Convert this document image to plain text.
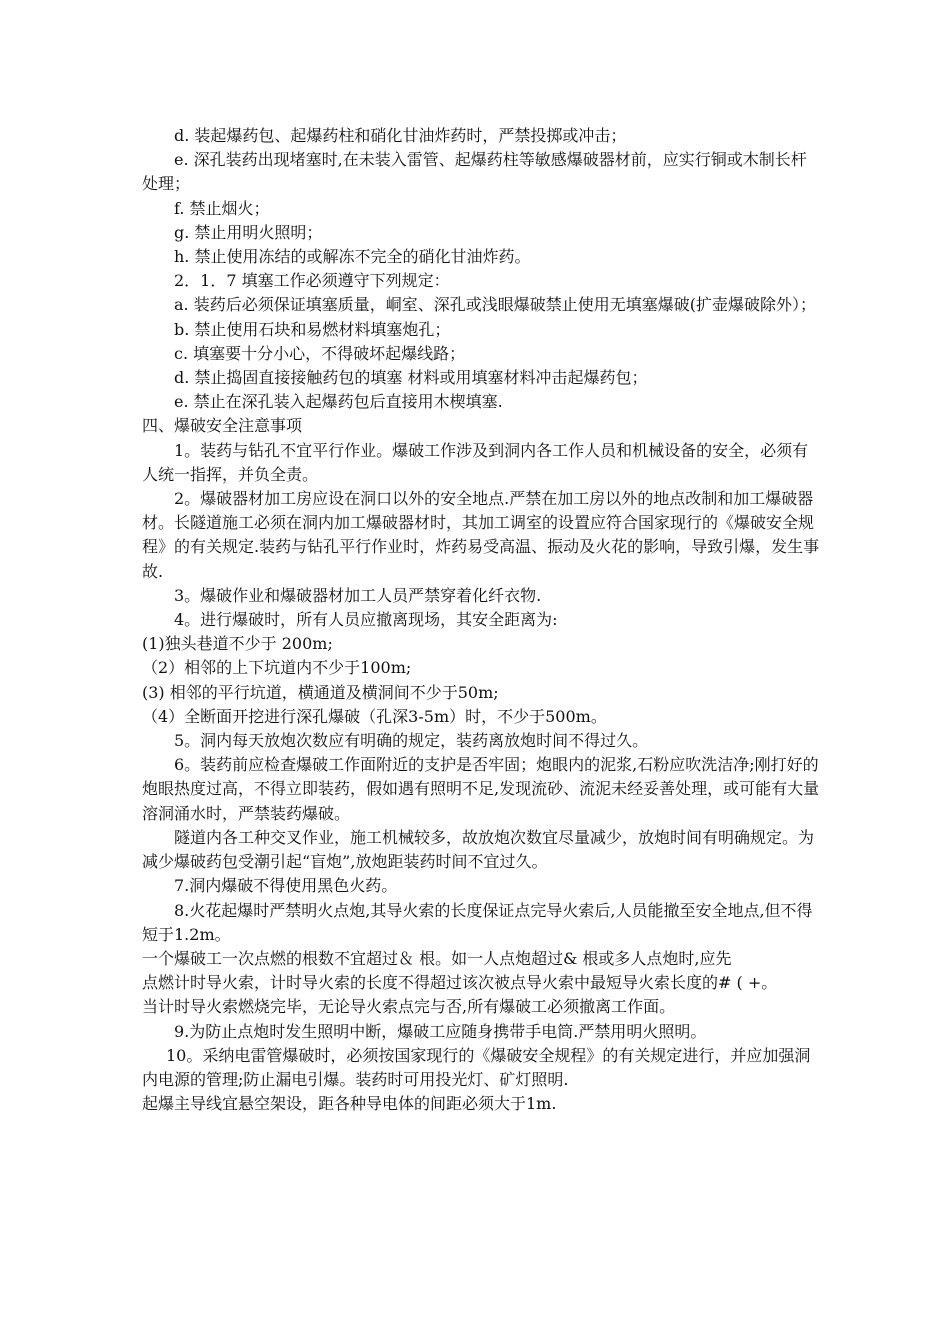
d. 装起爆药包、起爆药柱和硝化甘油炸药时，严禁投掷或冲击；

e. 深孔装药出现堵塞时,在未装入雷管、起爆药柱等敏感爆破器材前，应实行铜或木制长杆处理；

f. 禁止烟火；

g. 禁止用明火照明；

h. 禁止使用冻结的或解冻不完全的硝化甘油炸药。

2．1．7 填塞工作必须遵守下列规定：

a. 装药后必须保证填塞质量，峒室、深孔或浅眼爆破禁止使用无填塞爆破(扩壶爆破除外）；

b. 禁止使用石块和易燃材料填塞炮孔；

c. 填塞要十分小心，不得破坏起爆线路；

d. 禁止捣固直接接触药包的填塞 材料或用填塞材料冲击起爆药包；

e. 禁止在深孔装入起爆药包后直接用木楔填塞.

四、爆破安全注意事项

1。装药与钻孔不宜平行作业。爆破工作涉及到洞内各工作人员和机械设备的安全，必须有人统一指挥，并负全责。

2。爆破器材加工房应设在洞口以外的安全地点.严禁在加工房以外的地点改制和加工爆破器材。长隧道施工必须在洞内加工爆破器材时，其加工调室的设置应符合国家现行的《爆破安全规程》的有关规定.装药与钻孔平行作业时，炸药易受高温、振动及火花的影响，导致引爆，发生事故.

3。爆破作业和爆破器材加工人员严禁穿着化纤衣物.

4。进行爆破时，所有人员应撤离现场，其安全距离为:

(1)独头巷道不少于 200m;

（2）相邻的上下坑道内不少于100m;

(3) 相邻的平行坑道，横通道及横洞间不少于50m;

（4）全断面开挖进行深孔爆破（孔深3-5m）时，不少于500m。

5。洞内每天放炮次数应有明确的规定，装药离放炮时间不得过久。

6。装药前应检查爆破工作面附近的支护是否牢固；炮眼内的泥浆,石粉应吹洗洁净;刚打好的炮眼热度过高，不得立即装药，假如遇有照明不足,发现流砂、流泥未经妥善处理，或可能有大量溶洞涌水时，严禁装药爆破。

隧道内各工种交叉作业，施工机械较多，故放炮次数宜尽量减少，放炮时间有明确规定。为减少爆破药包受潮引起“盲炮”,放炮距装药时间不宜过久。

7.洞内爆破不得使用黑色火药。

8.火花起爆时严禁明火点炮,其导火索的长度保证点完导火索后,人员能撤至安全地点,但不得短于1.2m。

一个爆破工一次点燃的根数不宜超过＆ 根。如一人点炮超过& 根或多人点炮时,应先

点燃计时导火索，计时导火索的长度不得超过该次被点导火索中最短导火索长度的# ( +。

当计时导火索燃烧完毕，无论导火索点完与否,所有爆破工必须撤离工作面。

9.为防止点炮时发生照明中断，爆破工应随身携带手电筒.严禁用明火照明。

10。采纳电雷管爆破时，必须按国家现行的《爆破安全规程》的有关规定进行，并应加强洞内电源的管理;防止漏电引爆。装药时可用投光灯、矿灯照明.

起爆主导线宜悬空架设，距各种导电体的间距必须大于1m.
